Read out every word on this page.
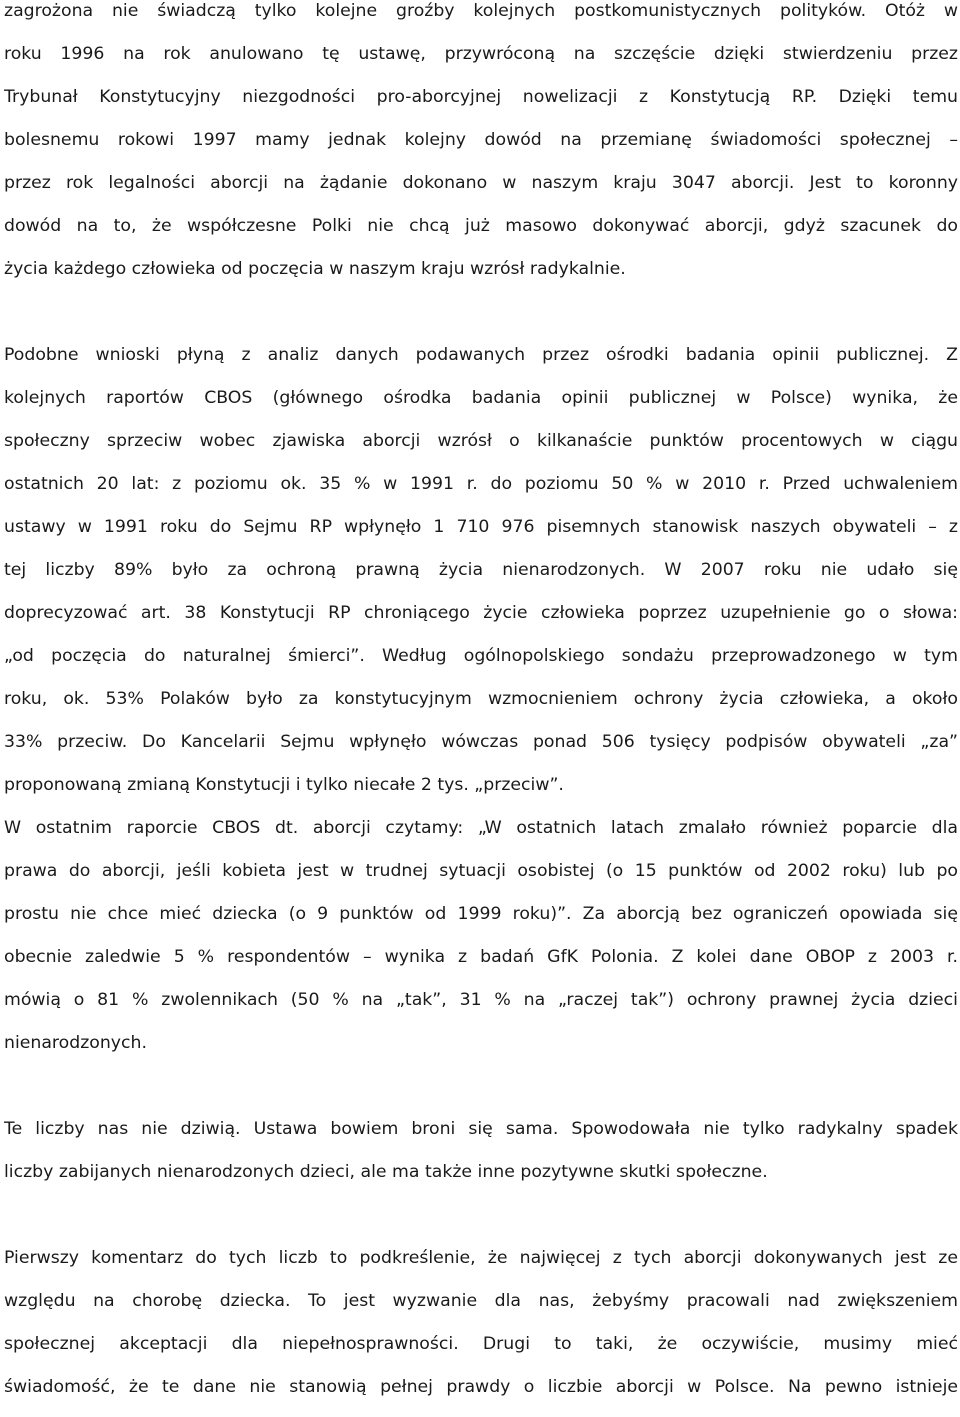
zagrożona nie świadczą tylko kolejne groźby kolejnych postkomunistycznych polityków. Otóż w
roku 1996 na rok anulowano tę ustawę, przywróconą na szczęście dzięki stwierdzeniu przez
Trybunał Konstytucyjny niezgodności pro-aborcyjnej nowelizacji z Konstytucją RP. Dzięki temu
bolesnemu rokowi 1997 mamy jednak kolejny dowód na przemianę świadomości społecznej –
przez rok legalności aborcji na żądanie dokonano w naszym kraju 3047 aborcji. Jest to koronny
dowód na to, że współczesne Polki nie chcą już masowo dokonywać aborcji, gdyż szacunek do
życia każdego człowieka od poczęcia w naszym kraju wzrósł radykalnie.
Podobne wnioski płyną z analiz danych podawanych przez ośrodki badania opinii publicznej. Z
kolejnych raportów CBOS (głównego ośrodka badania opinii publicznej w Polsce) wynika, że
społeczny sprzeciw wobec zjawiska aborcji wzrósł o kilkanaście punktów procentowych w ciągu
ostatnich 20 lat: z poziomu ok. 35 % w 1991 r. do poziomu 50 % w 2010 r. Przed uchwaleniem
ustawy w 1991 roku do Sejmu RP wpłynęło 1 710 976 pisemnych stanowisk naszych obywateli – z
tej liczby 89% było za ochroną prawną życia nienarodzonych. W 2007 roku nie udało się
doprecyzować art. 38 Konstytucji RP chroniącego życie człowieka poprzez uzupełnienie go o słowa:
„od poczęcia do naturalnej śmierci”. Według ogólnopolskiego sondażu przeprowadzonego w tym
roku, ok. 53% Polaków było za konstytucyjnym wzmocnieniem ochrony życia człowieka, a około
33% przeciw. Do Kancelarii Sejmu wpłynęło wówczas ponad 506 tysięcy podpisów obywateli „za”
proponowaną zmianą Konstytucji i tylko niecałe 2 tys. „przeciw”.
W ostatnim raporcie CBOS dt. aborcji czytamy: „W ostatnich latach zmalało również poparcie dla
prawa do aborcji, jeśli kobieta jest w trudnej sytuacji osobistej (o 15 punktów od 2002 roku) lub po
prostu nie chce mieć dziecka (o 9 punktów od 1999 roku)”. Za aborcją bez ograniczeń opowiada się
obecnie zaledwie 5 % respondentów – wynika z badań GfK Polonia. Z kolei dane OBOP z 2003 r.
mówią o 81 % zwolennikach (50 % na „tak”, 31 % na „raczej tak”) ochrony prawnej życia dzieci
nienarodzonych.
Te liczby nas nie dziwią. Ustawa bowiem broni się sama. Spowodowała nie tylko radykalny spadek
liczby zabijanych nienarodzonych dzieci, ale ma także inne pozytywne skutki społeczne.
Pierwszy komentarz do tych liczb to podkreślenie, że najwięcej z tych aborcji dokonywanych jest ze
względu na chorobę dziecka. To jest wyzwanie dla nas, żebyśmy pracowali nad zwiększeniem
społecznej akceptacji dla niepełnosprawności. Drugi to taki, że oczywiście, musimy mieć
świadomość, że te dane nie stanowią pełnej prawdy o liczbie aborcji w Polsce. Na pewno istnieje
